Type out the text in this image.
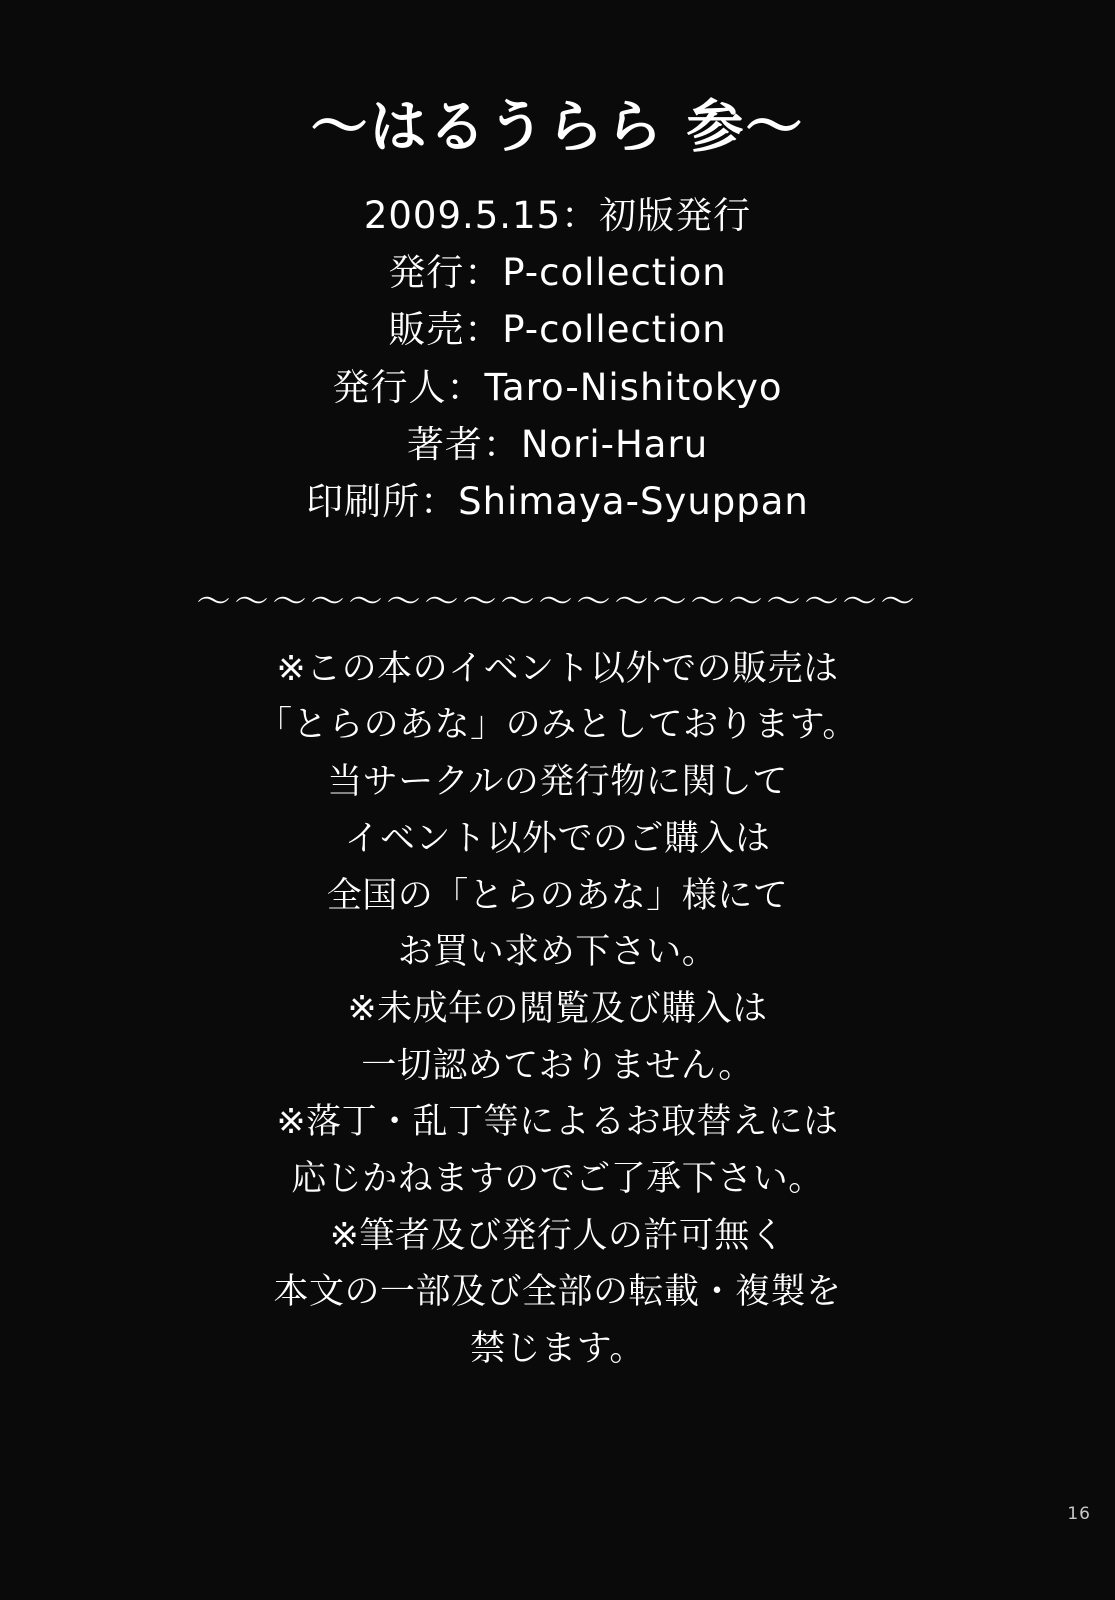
～はるうらら 参～
2009.5.15：初版発行
発行：P-collection
販売：P-collection
発行人：Taro-Nishitokyo
著者：Nori-Haru
印刷所：Shimaya-Syuppan
～～～～～～～～～～～～～～～～～～～
※この本のイベント以外での販売は
「とらのあな」のみとしております。
当サークルの発行物に関して
イベント以外でのご購入は
全国の「とらのあな」様にて
お買い求め下さい。
※未成年の閲覧及び購入は
一切認めておりません。
※落丁・乱丁等によるお取替えには
応じかねますのでご了承下さい。
※筆者及び発行人の許可無く
本文の一部及び全部の転載・複製を
禁じます。
16
